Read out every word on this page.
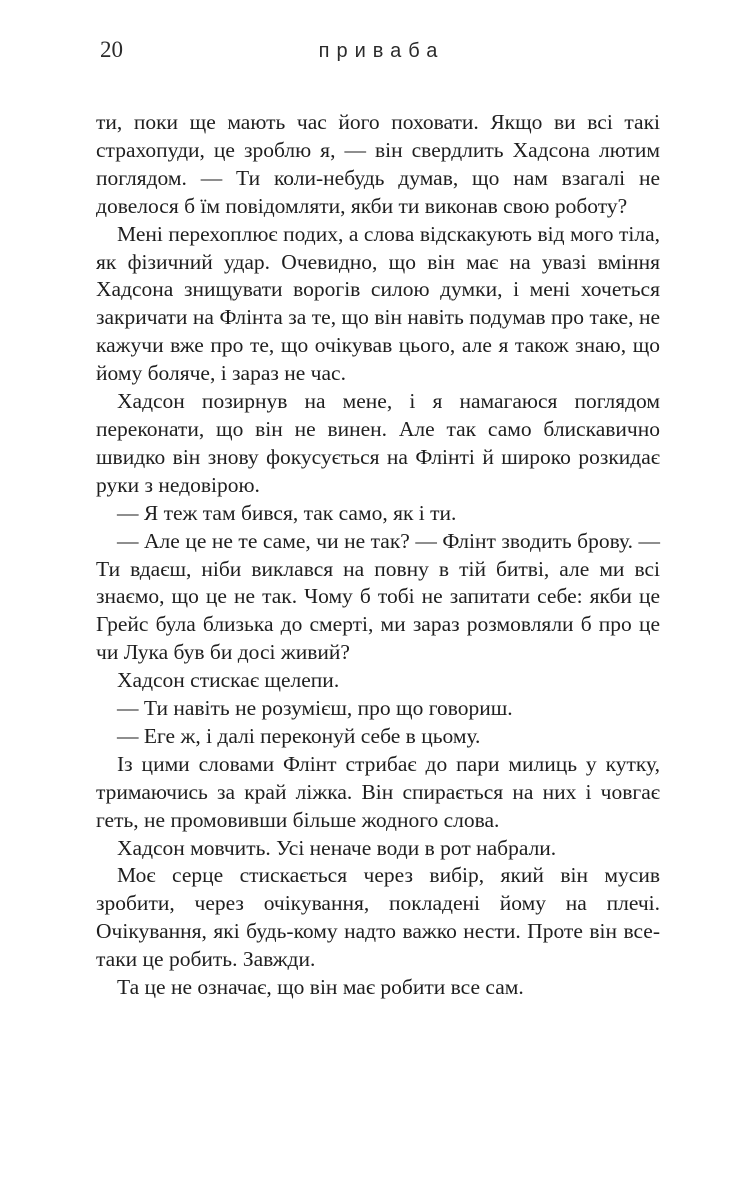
20	приваба

ти, поки ще мають час його поховати. Якщо ви всі такі страхопуди, це зроблю я, — він свердлить Хадсона лютим поглядом. — Ти коли-небудь думав, що нам взагалі не довелося б їм повідомляти, якби ти виконав свою роботу?

Мені перехоплює подих, а слова відскакують від мого тіла, як фізичний удар. Очевидно, що він має на увазі вміння Хадсона знищувати ворогів силою думки, і мені хочеться закричати на Флінта за те, що він навіть подумав про таке, не кажучи вже про те, що очікував цього, але я також знаю, що йому боляче, і зараз не час.

Хадсон позирнув на мене, і я намагаюся поглядом переконати, що він не винен. Але так само блискавично швидко він знову фокусується на Флінті й широко розкидає руки з недовірою.

— Я теж там бився, так само, як і ти.

— Але це не те саме, чи не так? — Флінт зводить брову. — Ти вдаєш, ніби виклався на повну в тій битві, але ми всі знаємо, що це не так. Чому б тобі не запитати себе: якби це Грейс була близька до смерті, ми зараз розмовляли б про це чи Лука був би досі живий?

Хадсон стискає щелепи.

— Ти навіть не розумієш, про що говориш.

— Еге ж, і далі переконуй себе в цьому.

Із цими словами Флінт стрибає до пари милиць у кутку, тримаючись за край ліжка. Він спирається на них і човгає геть, не промовивши більше жодного слова.

Хадсон мовчить. Усі неначе води в рот набрали.

Моє серце стискається через вибір, який він мусив зробити, через очікування, покладені йому на плечі. Очікування, які будь-кому надто важко нести. Проте він все-таки це робить. Завжди.

Та це не означає, що він має робити все сам.
